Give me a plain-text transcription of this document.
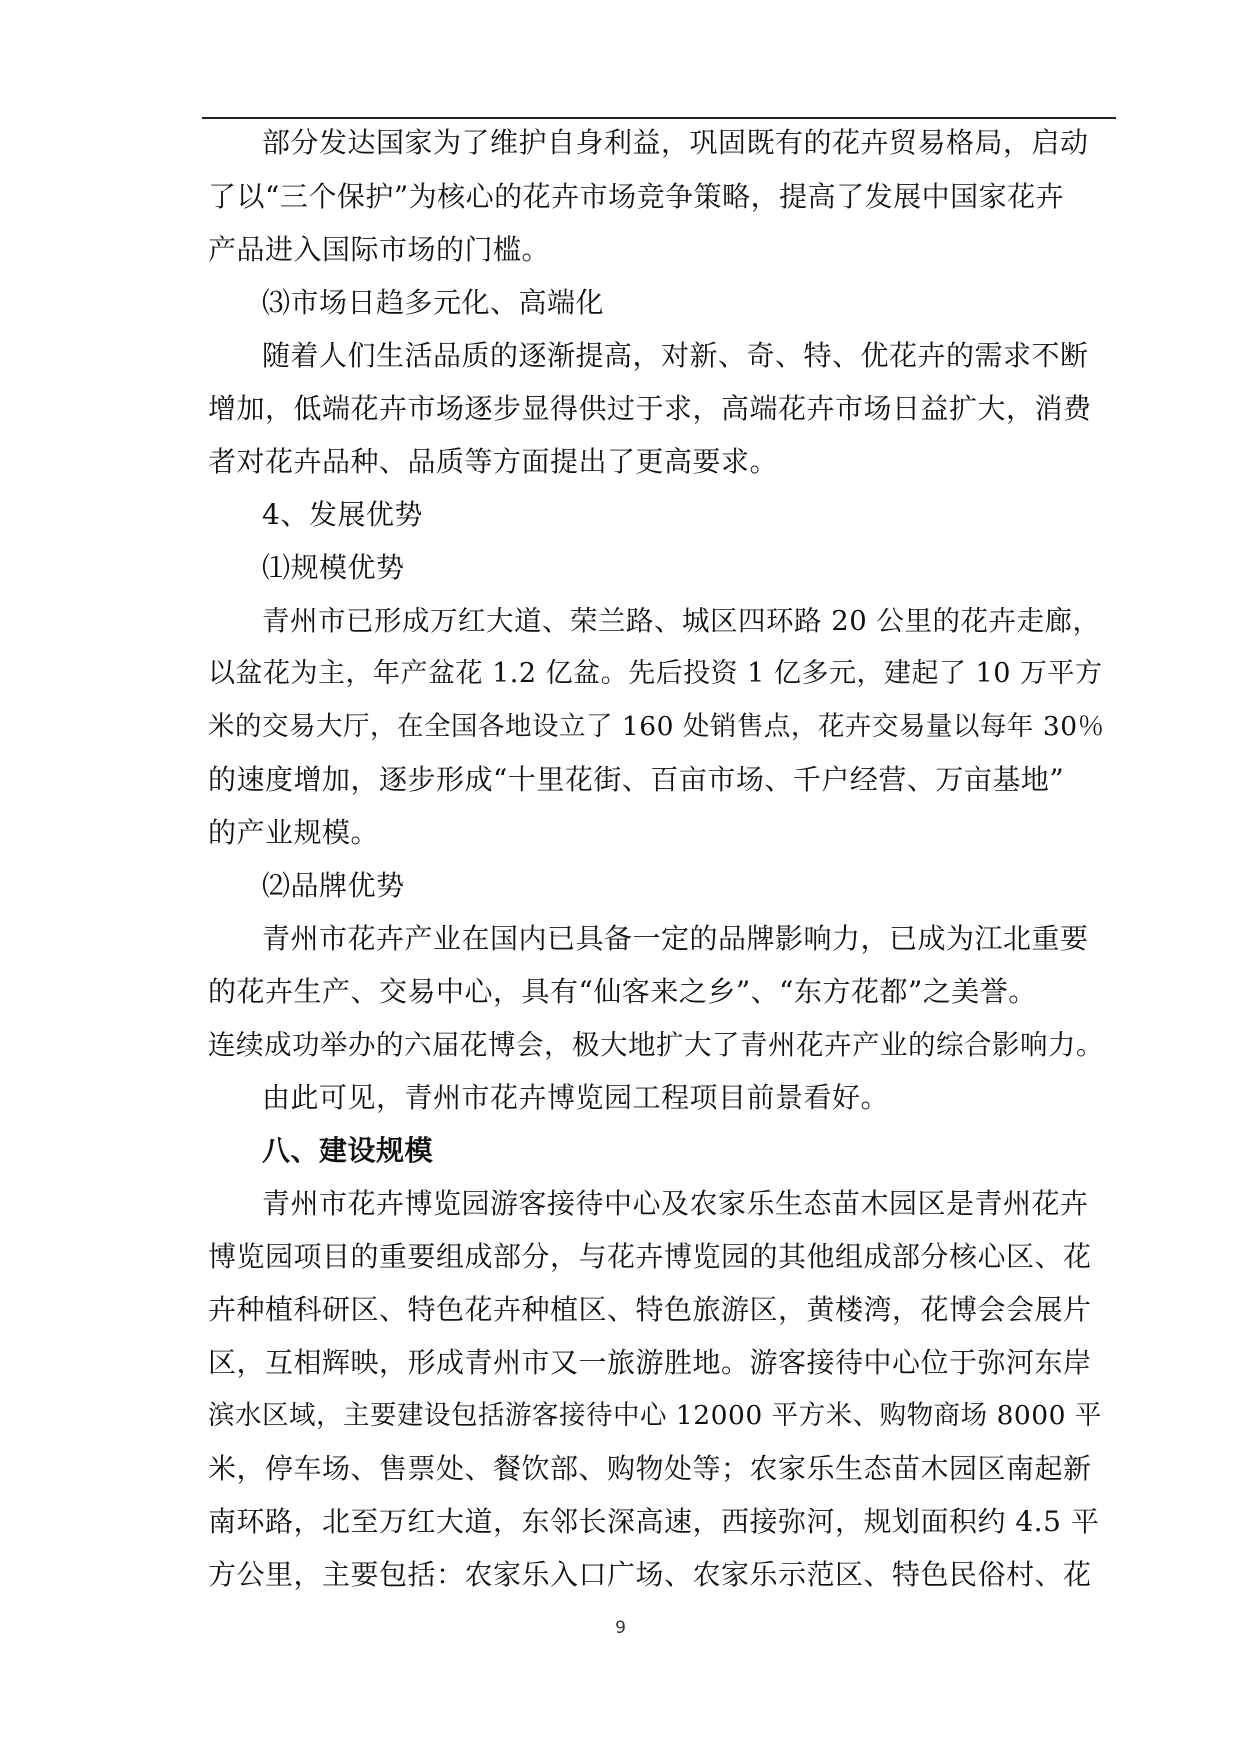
部分发达国家为了维护自身利益，巩固既有的花卉贸易格局，启动
了以“三个保护”为核心的花卉市场竞争策略，提高了发展中国家花卉
产品进入国际市场的门槛。
⑶市场日趋多元化、高端化
随着人们生活品质的逐渐提高，对新、奇、特、优花卉的需求不断
增加，低端花卉市场逐步显得供过于求，高端花卉市场日益扩大，消费
者对花卉品种、品质等方面提出了更高要求。
4、发展优势
⑴规模优势
青州市已形成万红大道、荣兰路、城区四环路 20 公里的花卉走廊，
以盆花为主，年产盆花 1.2 亿盆。先后投资 1 亿多元，建起了 10 万平方
米的交易大厅，在全国各地设立了 160 处销售点，花卉交易量以每年 30％
的速度增加，逐步形成“十里花街、百亩市场、千户经营、万亩基地”
的产业规模。
⑵品牌优势
青州市花卉产业在国内已具备一定的品牌影响力，已成为江北重要
的花卉生产、交易中心，具有“仙客来之乡”、“东方花都”之美誉。
连续成功举办的六届花博会，极大地扩大了青州花卉产业的综合影响力。
由此可见，青州市花卉博览园工程项目前景看好。
八、建设规模
青州市花卉博览园游客接待中心及农家乐生态苗木园区是青州花卉
博览园项目的重要组成部分，与花卉博览园的其他组成部分核心区、花
卉种植科研区、特色花卉种植区、特色旅游区，黄楼湾，花博会会展片
区，互相辉映，形成青州市又一旅游胜地。游客接待中心位于弥河东岸
滨水区域，主要建设包括游客接待中心 12000 平方米、购物商场 8000 平
米，停车场、售票处、餐饮部、购物处等；农家乐生态苗木园区南起新
南环路，北至万红大道，东邻长深高速，西接弥河，规划面积约 4.5 平
方公里，主要包括：农家乐入口广场、农家乐示范区、特色民俗村、花
9
